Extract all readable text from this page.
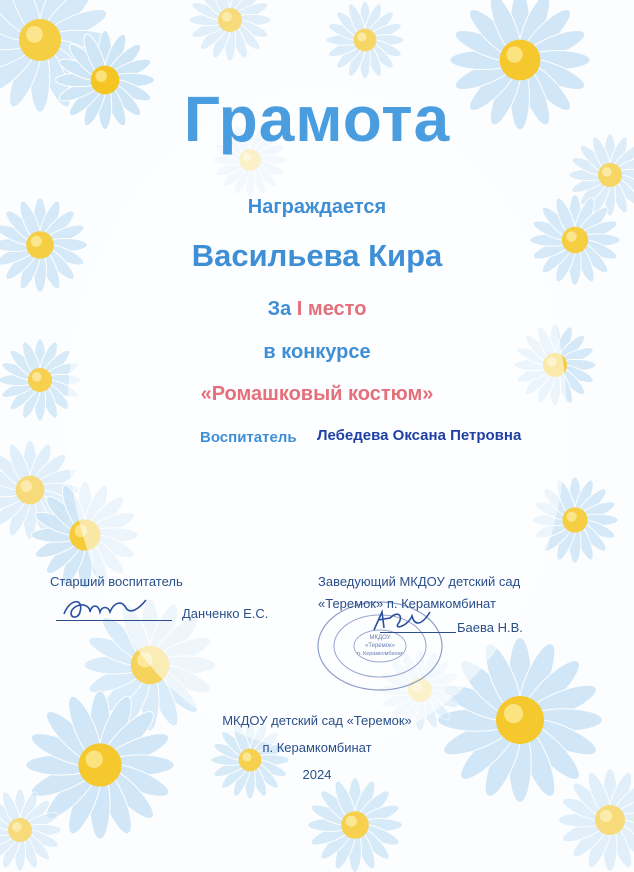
Грамота
Награждается
Васильева Кира
За I место
в конкурсе
«Ромашковый костюм»
Воспитатель Лебедева Оксана Петровна
Старший воспитатель
Данченко Е.С.
МКДОУ
«Теремок»
п. Керамкомбинат
Заведующий МКДОУ детский сад
«Теремок» п. Керамкомбинат
Баева Н.В.
МКДОУ детский сад «Теремок»
п. Керамкомбинат
2024
